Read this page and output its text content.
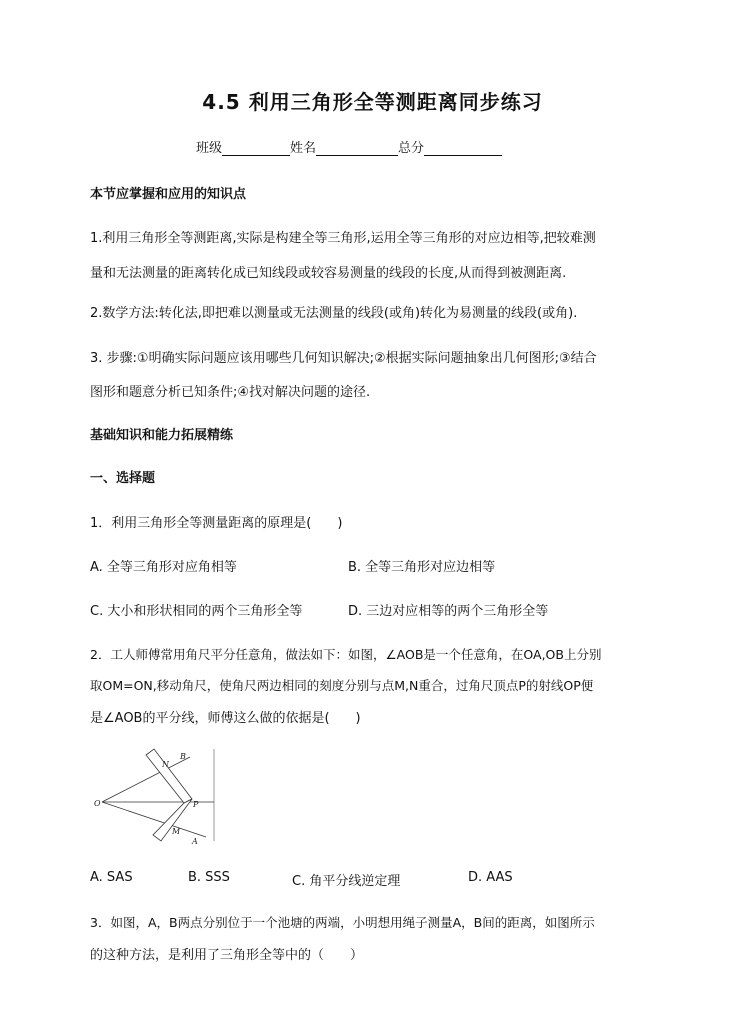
4.5 利用三角形全等测距离同步练习
班级	姓名	总分
本节应掌握和应用的知识点
1.利用三角形全等测距离,实际是构建全等三角形,运用全等三角形的对应边相等,把较难测
量和无法测量的距离转化成已知线段或较容易测量的线段的长度,从而得到被测距离.
2.数学方法:转化法,即把难以测量或无法测量的线段(或角)转化为易测量的线段(或角).
3. 步骤:①明确实际问题应该用哪些几何知识解决;②根据实际问题抽象出几何图形;③结合
图形和题意分析已知条件;④找对解决问题的途径.
基础知识和能力拓展精练
一、选择题
1．利用三角形全等测量距离的原理是(　　)
A. 全等三角形对应角相等	B. 全等三角形对应边相等
C. 大小和形状相同的两个三角形全等	D. 三边对应相等的两个三角形全等
2．工人师傅常用角尺平分任意角，做法如下：如图，∠AOB是一个任意角，在OA,OB上分别
取OM=ON,移动角尺，使角尺两边相同的刻度分别与点M,N重合，过角尺顶点P的射线OP便
是∠AOB的平分线，师傅这么做的依据是(　　)
O	P
N
M
A
B
A. SAS	B. SSS	C. 角平分线逆定理	D. AAS
3．如图，A，B两点分别位于一个池塘的两端，小明想用绳子测量A，B间的距离，如图所示
的这种方法，是利用了三角形全等中的（　　）
